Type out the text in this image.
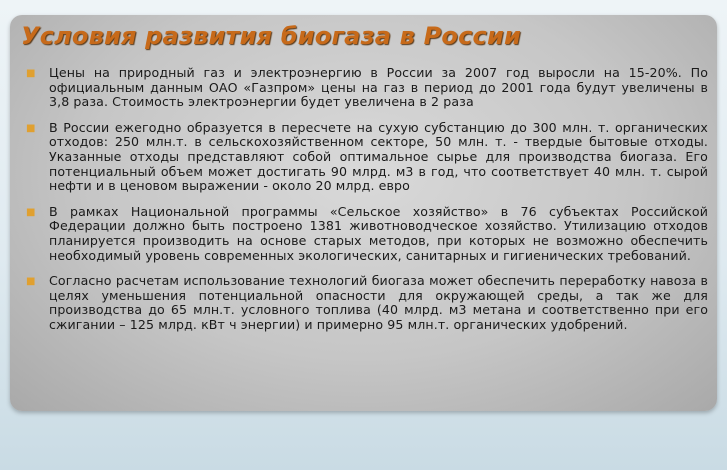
Условия развития биогаза в России
■ Цены на природный газ и электроэнергию в России за 2007 год выросли на 15-20%. По официальным данным ОАО «Газпром» цены на газ в период до 2001 года будут увеличены в 3,8 раза. Стоимость электроэнергии будет увеличена в 2 раза
■ В России ежегодно образуется в пересчете на сухую субстанцию до 300 млн. т. органических отходов: 250 млн.т. в сельскохозяйственном секторе, 50 млн. т. - твердые бытовые отходы. Указанные отходы представляют собой оптимальное сырье для производства биогаза. Его потенциальный объем может достигать 90 млрд. м3 в год, что соответствует 40 млн. т. сырой нефти и в ценовом выражении - около 20 млрд. евро
■ В рамках Национальной программы «Сельское хозяйство» в 76 субъектах Российской Федерации должно быть построено 1381 животноводческое хозяйство. Утилизацию отходов планируется производить на основе старых методов, при которых не возможно обеспечить необходимый уровень современных экологических, санитарных и гигиенических требований.
■ Согласно расчетам использование технологий биогаза может обеспечить переработку навоза в целях уменьшения потенциальной опасности для окружающей среды, а так же для производства до 65 млн.т. условного топлива (40 млрд. м3 метана и соответственно при его сжигании – 125 млрд. кВт ч энергии) и примерно 95 млн.т. органических удобрений.
